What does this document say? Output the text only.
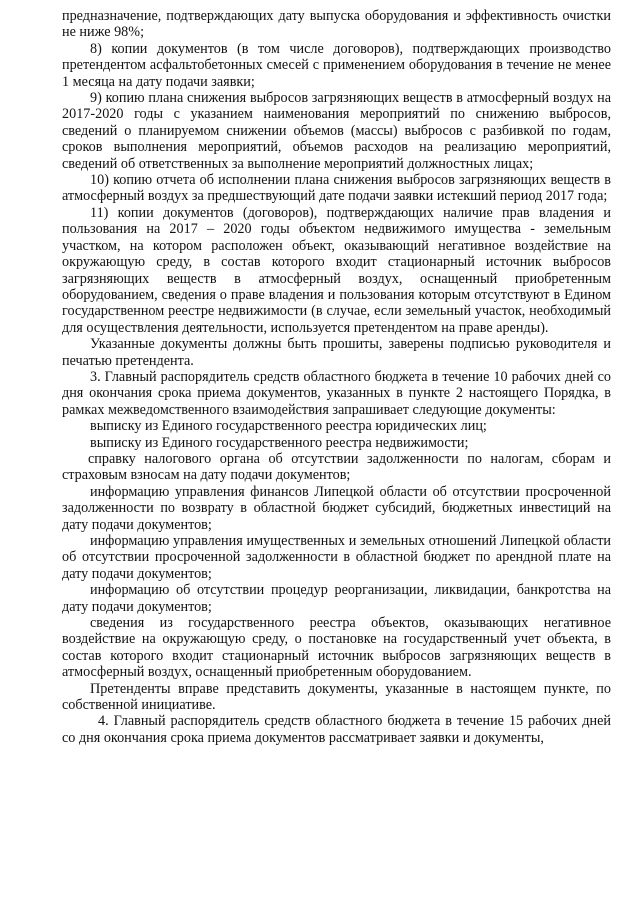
предназначение, подтверждающих дату выпуска оборудования и эффективность очистки не ниже 98%;

8) копии документов (в том числе договоров), подтверждающих производство претендентом асфальтобетонных смесей с применением оборудования в течение не менее 1 месяца на дату подачи заявки;

9) копию плана снижения выбросов загрязняющих веществ в атмосферный воздух на 2017-2020 годы с указанием наименования мероприятий по снижению выбросов, сведений о планируемом снижении объемов (массы) выбросов с разбивкой по годам, сроков выполнения мероприятий, объемов расходов на реализацию мероприятий, сведений об ответственных за выполнение мероприятий должностных лицах;

10) копию отчета об исполнении плана снижения выбросов загрязняющих веществ в атмосферный воздух за предшествующий дате подачи заявки истекший период 2017 года;

11) копии документов (договоров), подтверждающих наличие прав владения и пользования на 2017 – 2020 годы объектом недвижимого имущества - земельным участком, на котором расположен объект, оказывающий негативное воздействие на окружающую среду, в состав которого входит стационарный источник выбросов загрязняющих веществ в атмосферный воздух, оснащенный приобретенным оборудованием, сведения о праве владения и пользования которым отсутствуют в Едином государственном реестре недвижимости (в случае, если земельный участок, необходимый для осуществления деятельности, используется претендентом на праве аренды).

Указанные документы должны быть прошиты, заверены подписью руководителя и печатью претендента.

3. Главный распорядитель средств областного бюджета в течение 10 рабочих дней со дня окончания срока приема документов, указанных в пункте 2 настоящего Порядка, в рамках межведомственного взаимодействия запрашивает следующие документы:

выписку из Единого государственного реестра юридических лиц;

выписку из Единого государственного реестра недвижимости;

справку налогового органа об отсутствии задолженности по налогам, сборам и страховым взносам на дату подачи документов;

информацию управления финансов Липецкой области об отсутствии просроченной задолженности по возврату в областной бюджет субсидий, бюджетных инвестиций на дату подачи документов;

информацию управления имущественных и земельных отношений Липецкой области об отсутствии просроченной задолженности в областной бюджет по арендной плате на дату подачи документов;

информацию об отсутствии процедур реорганизации, ликвидации, банкротства на дату подачи документов;

сведения из государственного реестра объектов, оказывающих негативное воздействие на окружающую среду, о постановке на государственный учет объекта, в состав которого входит стационарный источник выбросов загрязняющих веществ в атмосферный воздух, оснащенный приобретенным оборудованием.

Претенденты вправе представить документы, указанные в настоящем пункте, по собственной инициативе.

4. Главный распорядитель средств областного бюджета в течение 15 рабочих дней со дня окончания срока приема документов рассматривает заявки и документы,
